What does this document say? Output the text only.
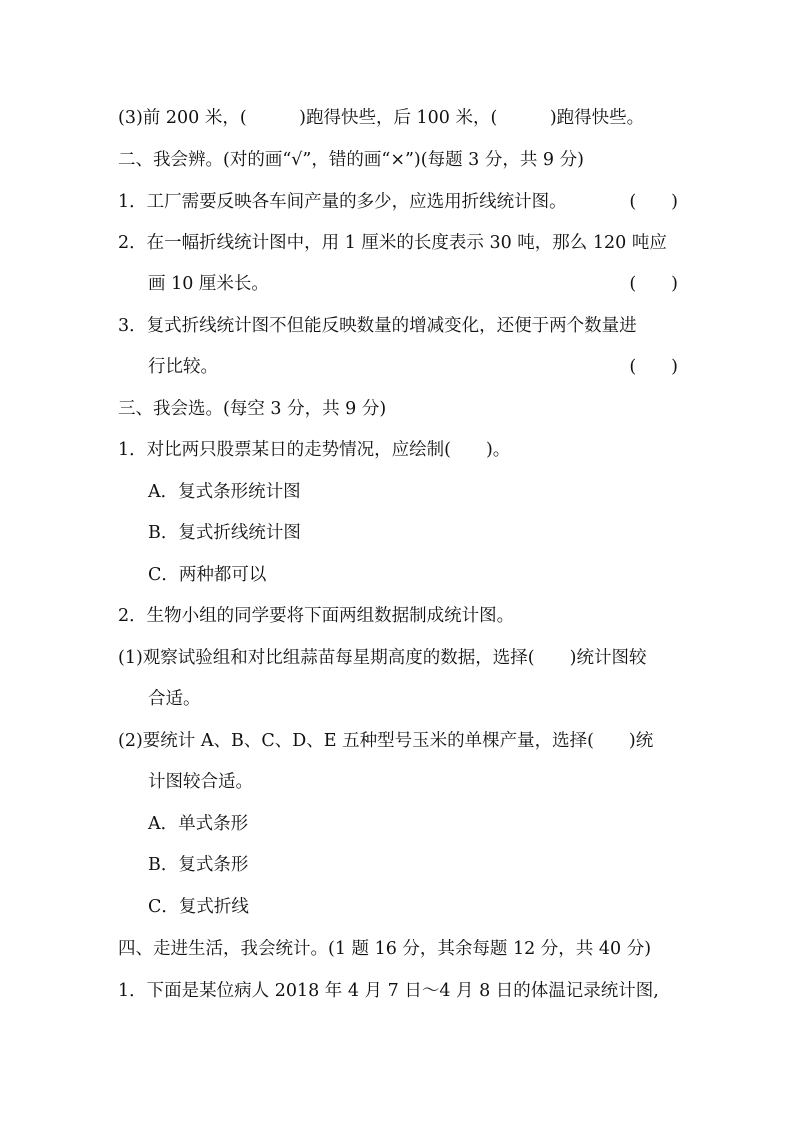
(3)前 200 米，(　　　)跑得快些，后 100 米，(　　　)跑得快些。
二、我会辨。(对的画“√”，错的画“×”)(每题 3 分，共 9 分)
1．工厂需要反映各车间产量的多少，应选用折线统计图。	(　　)
2．在一幅折线统计图中，用 1 厘米的长度表示 30 吨，那么 120 吨应
画 10 厘米长。	(　　)
3．复式折线统计图不但能反映数量的增减变化，还便于两个数量进
行比较。	(　　)
三、我会选。(每空 3 分，共 9 分)
1．对比两只股票某日的走势情况，应绘制(　　)。
A．复式条形统计图
B．复式折线统计图
C．两种都可以
2．生物小组的同学要将下面两组数据制成统计图。
(1)观察试验组和对比组蒜苗每星期高度的数据，选择(　　)统计图较
合适。
(2)要统计 A、B、C、D、E 五种型号玉米的单棵产量，选择(　　)统
计图较合适。
A．单式条形
B．复式条形
C．复式折线
四、走进生活，我会统计。(1 题 16 分，其余每题 12 分，共 40 分)
1．下面是某位病人 2018 年 4 月 7 日～4 月 8 日的体温记录统计图,
